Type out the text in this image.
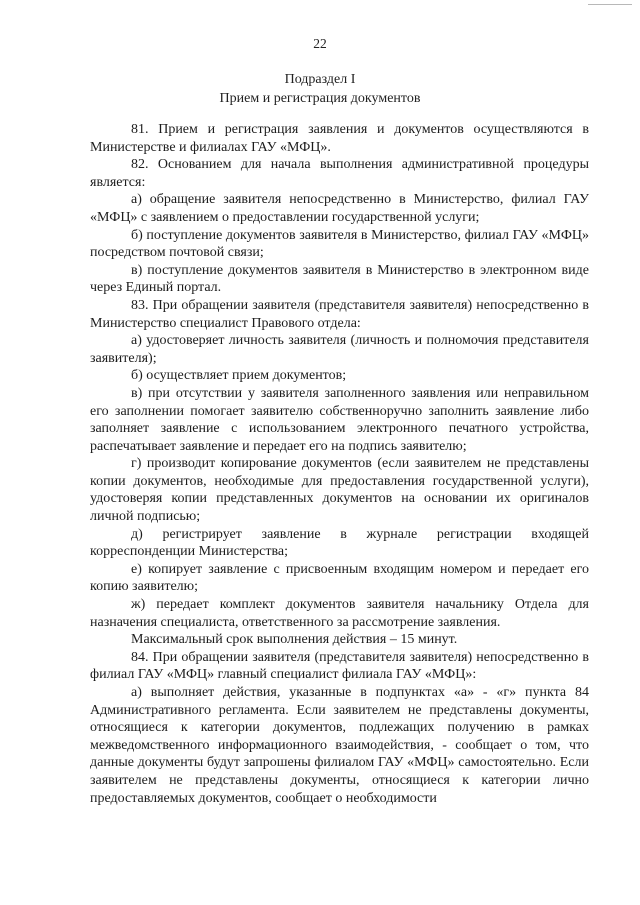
22
Подраздел I
Прием и регистрация документов

81. Прием и регистрация заявления и документов осуществляются в Министерстве и филиалах ГАУ «МФЦ».

82. Основанием для начала выполнения административной процедуры является:

а) обращение заявителя непосредственно в Министерство, филиал ГАУ «МФЦ» с заявлением о предоставлении государственной услуги;

б) поступление документов заявителя в Министерство, филиал ГАУ «МФЦ» посредством почтовой связи;

в) поступление документов заявителя в Министерство в электронном виде через Единый портал.

83. При обращении заявителя (представителя заявителя) непосредственно в Министерство специалист Правового отдела:

а) удостоверяет личность заявителя (личность и полномочия представителя заявителя);

б) осуществляет прием документов;

в) при отсутствии у заявителя заполненного заявления или неправильном его заполнении помогает заявителю собственноручно заполнить заявление либо заполняет заявление с использованием электронного печатного устройства, распечатывает заявление и передает его на подпись заявителю;

г) производит копирование документов (если заявителем не представлены копии документов, необходимые для предоставления государственной услуги), удостоверяя копии представленных документов на основании их оригиналов личной подписью;

д) регистрирует заявление в журнале регистрации входящей корреспонденции Министерства;

е) копирует заявление с присвоенным входящим номером и передает его копию заявителю;

ж) передает комплект документов заявителя начальнику Отдела для назначения специалиста, ответственного за рассмотрение заявления.

Максимальный срок выполнения действия – 15 минут.

84. При обращении заявителя (представителя заявителя) непосредственно в филиал ГАУ «МФЦ» главный специалист филиала ГАУ «МФЦ»:

а) выполняет действия, указанные в подпунктах «а» - «г» пункта 84 Административного регламента. Если заявителем не представлены документы, относящиеся к категории документов, подлежащих получению в рамках межведомственного информационного взаимодействия, - сообщает о том, что данные документы будут запрошены филиалом ГАУ «МФЦ» самостоятельно. Если заявителем не представлены документы, относящиеся к категории лично предоставляемых документов, сообщает о необходимости
